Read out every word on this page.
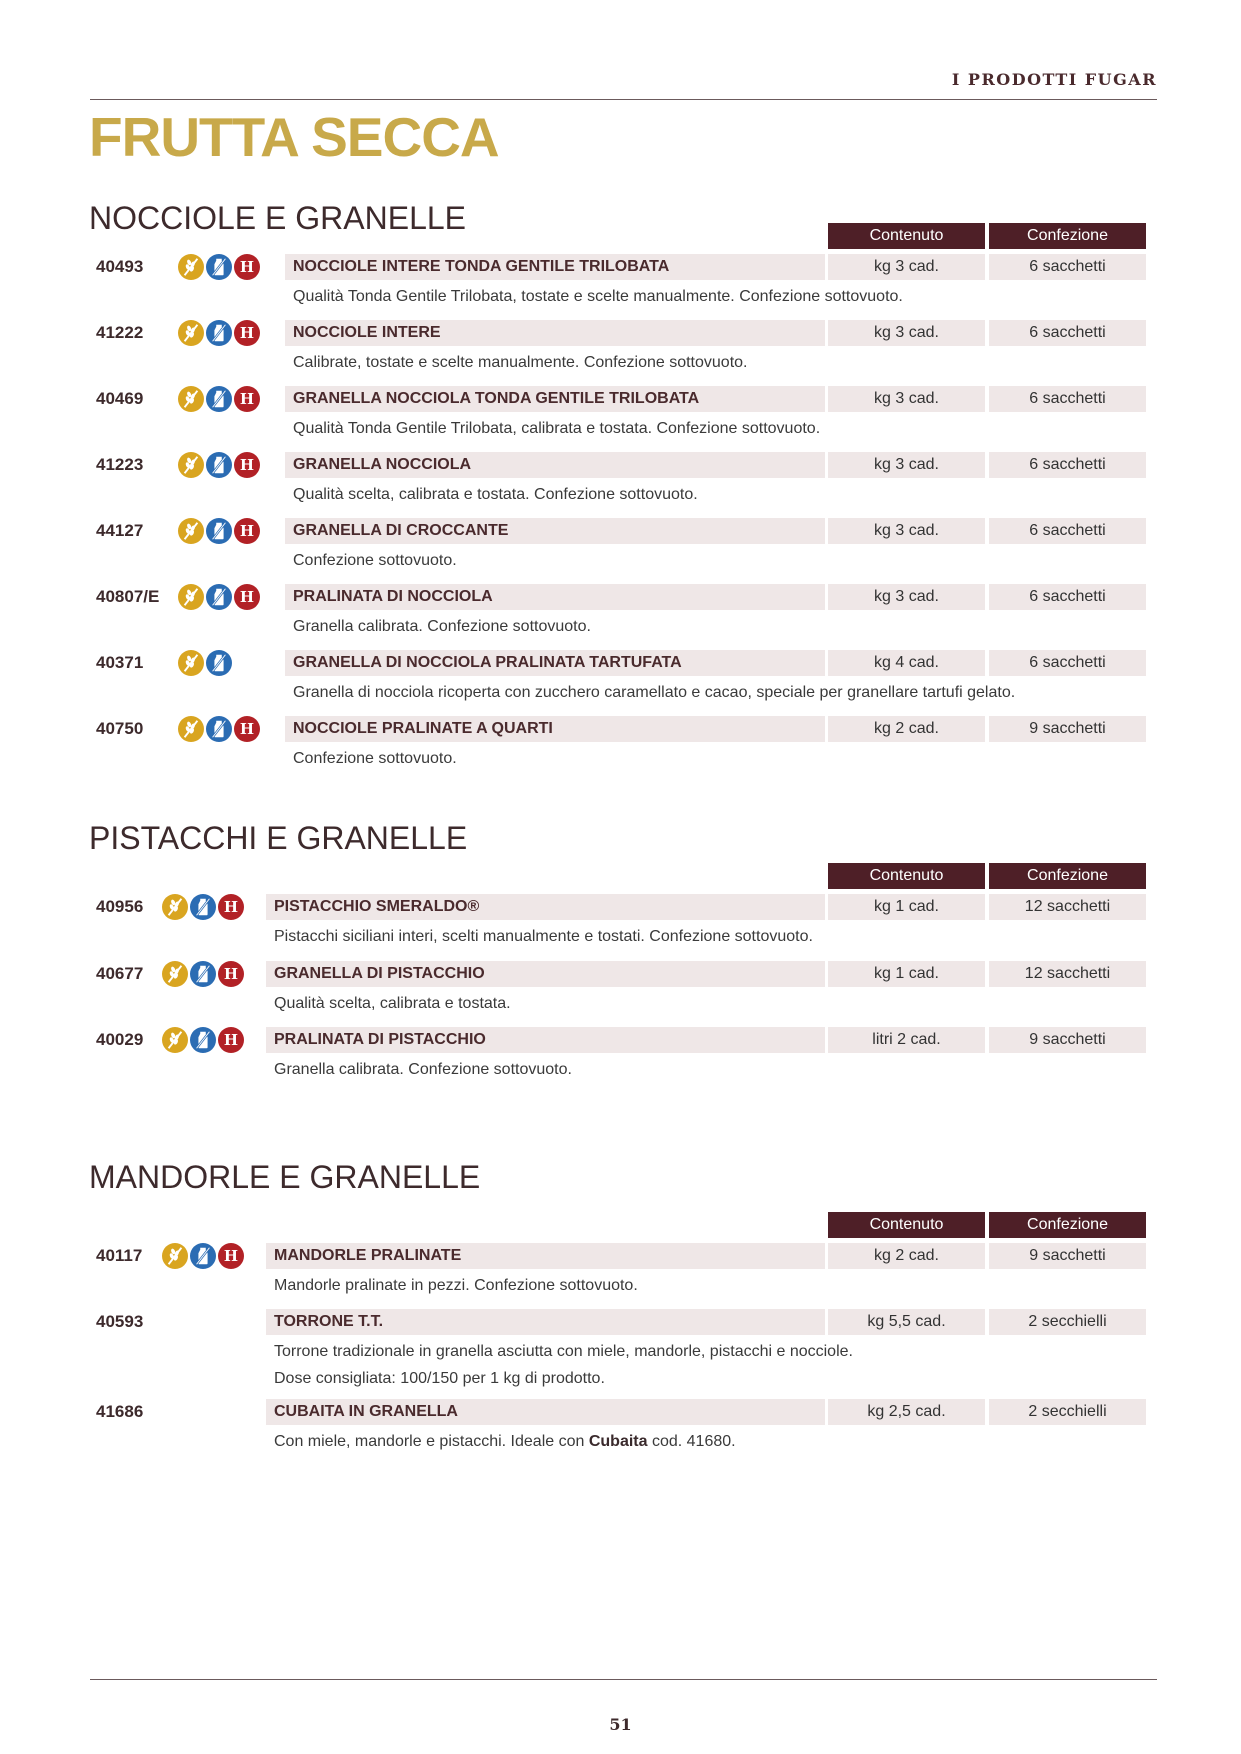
I PRODOTTI FUGAR
FRUTTA SECCA
NOCCIOLE E GRANELLE	Contenuto	Confezione
40493	H	NOCCIOLE INTERE TONDA GENTILE TRILOBATA	kg 3 cad.	6 sacchetti
Qualità Tonda Gentile Trilobata, tostate e scelte manualmente. Confezione sottovuoto.
41222	H	NOCCIOLE INTERE	kg 3 cad.	6 sacchetti
Calibrate, tostate e scelte manualmente. Confezione sottovuoto.
40469	H	GRANELLA NOCCIOLA TONDA GENTILE TRILOBATA	kg 3 cad.	6 sacchetti
Qualità Tonda Gentile Trilobata, calibrata e tostata. Confezione sottovuoto.
41223	H	GRANELLA NOCCIOLA	kg 3 cad.	6 sacchetti
Qualità scelta, calibrata e tostata. Confezione sottovuoto.
44127	H	GRANELLA DI CROCCANTE	kg 3 cad.	6 sacchetti
Confezione sottovuoto.
40807/E	H	PRALINATA DI NOCCIOLA	kg 3 cad.	6 sacchetti
Granella calibrata. Confezione sottovuoto.
40371	GRANELLA DI NOCCIOLA PRALINATA TARTUFATA	kg 4 cad.	6 sacchetti
Granella di nocciola ricoperta con zucchero caramellato e cacao, speciale per granellare tartufi gelato.
40750	H	NOCCIOLE PRALINATE A QUARTI	kg 2 cad.	9 sacchetti
Confezione sottovuoto.
PISTACCHI E GRANELLE
Contenuto	Confezione
40956	H	PISTACCHIO SMERALDO®	kg 1 cad.	12 sacchetti
Pistacchi siciliani interi, scelti manualmente e tostati. Confezione sottovuoto.
40677	H	GRANELLA DI PISTACCHIO	kg 1 cad.	12 sacchetti
Qualità scelta, calibrata e tostata.
40029	H	PRALINATA DI PISTACCHIO	litri 2 cad.	9 sacchetti
Granella calibrata. Confezione sottovuoto.
MANDORLE E GRANELLE
Contenuto	Confezione
40117	H	MANDORLE PRALINATE	kg 2 cad.	9 sacchetti
Mandorle pralinate in pezzi. Confezione sottovuoto.
40593	TORRONE T.T.	kg 5,5 cad.	2 secchielli
Torrone tradizionale in granella asciutta con miele, mandorle, pistacchi e nocciole.
Dose consigliata: 100/150 per 1 kg di prodotto.
41686	CUBAITA IN GRANELLA	kg 2,5 cad.	2 secchielli
Con miele, mandorle e pistacchi. Ideale con Cubaita cod. 41680.
51
